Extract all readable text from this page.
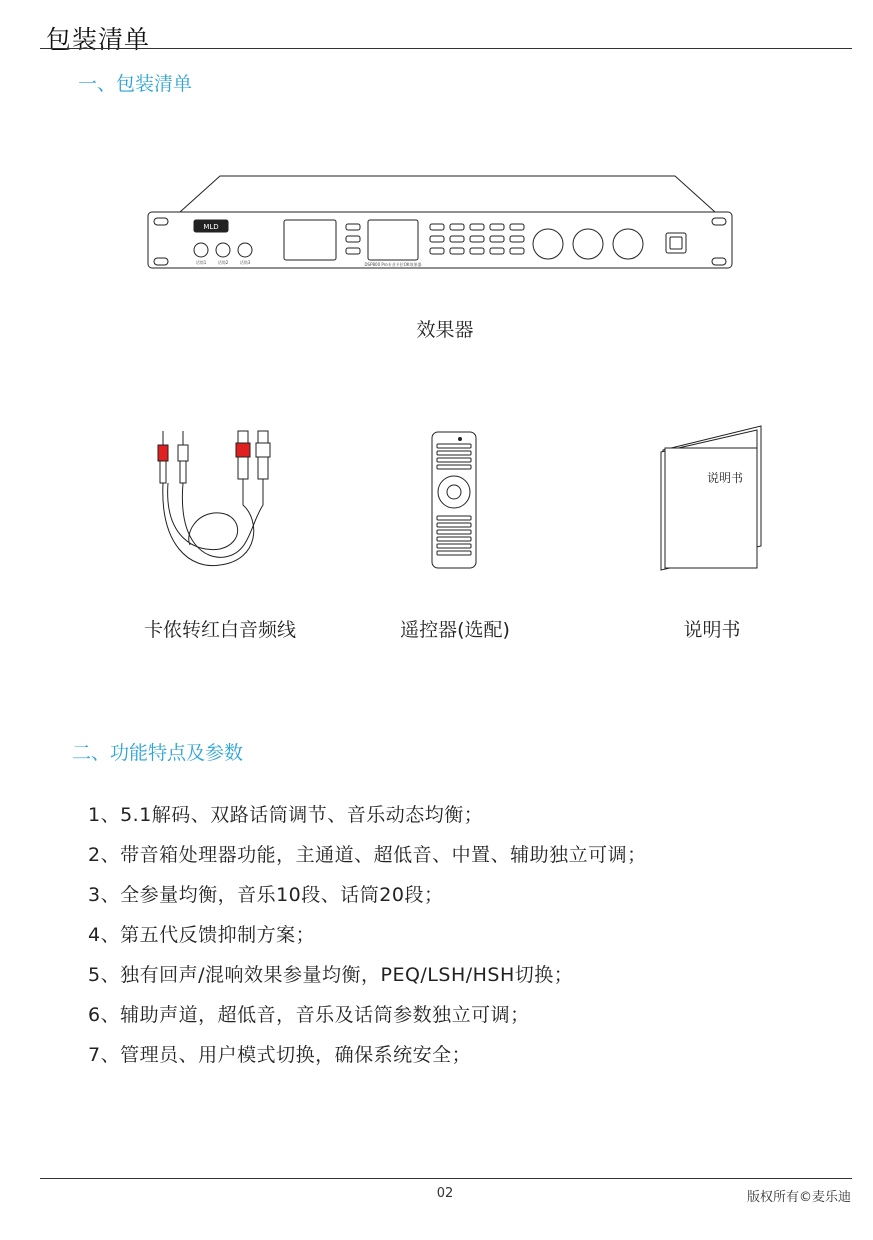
包装清单
一、包装清单
MLD
话筒1	话筒2	话筒3	DSP800 Pro专业卡拉OK效果器
效果器
卡侬转红白音频线	遥控器(选配)
说明书
说明书
二、功能特点及参数
1、5.1解码、双路话筒调节、音乐动态均衡；
2、带音箱处理器功能，主通道、超低音、中置、辅助独立可调；
3、全参量均衡，音乐10段、话筒20段；
4、第五代反馈抑制方案；
5、独有回声/混响效果参量均衡，PEQ/LSH/HSH切换；
6、辅助声道，超低音，音乐及话筒参数独立可调；
7、管理员、用户模式切换，确保系统安全；
02	版权所有©麦乐迪
